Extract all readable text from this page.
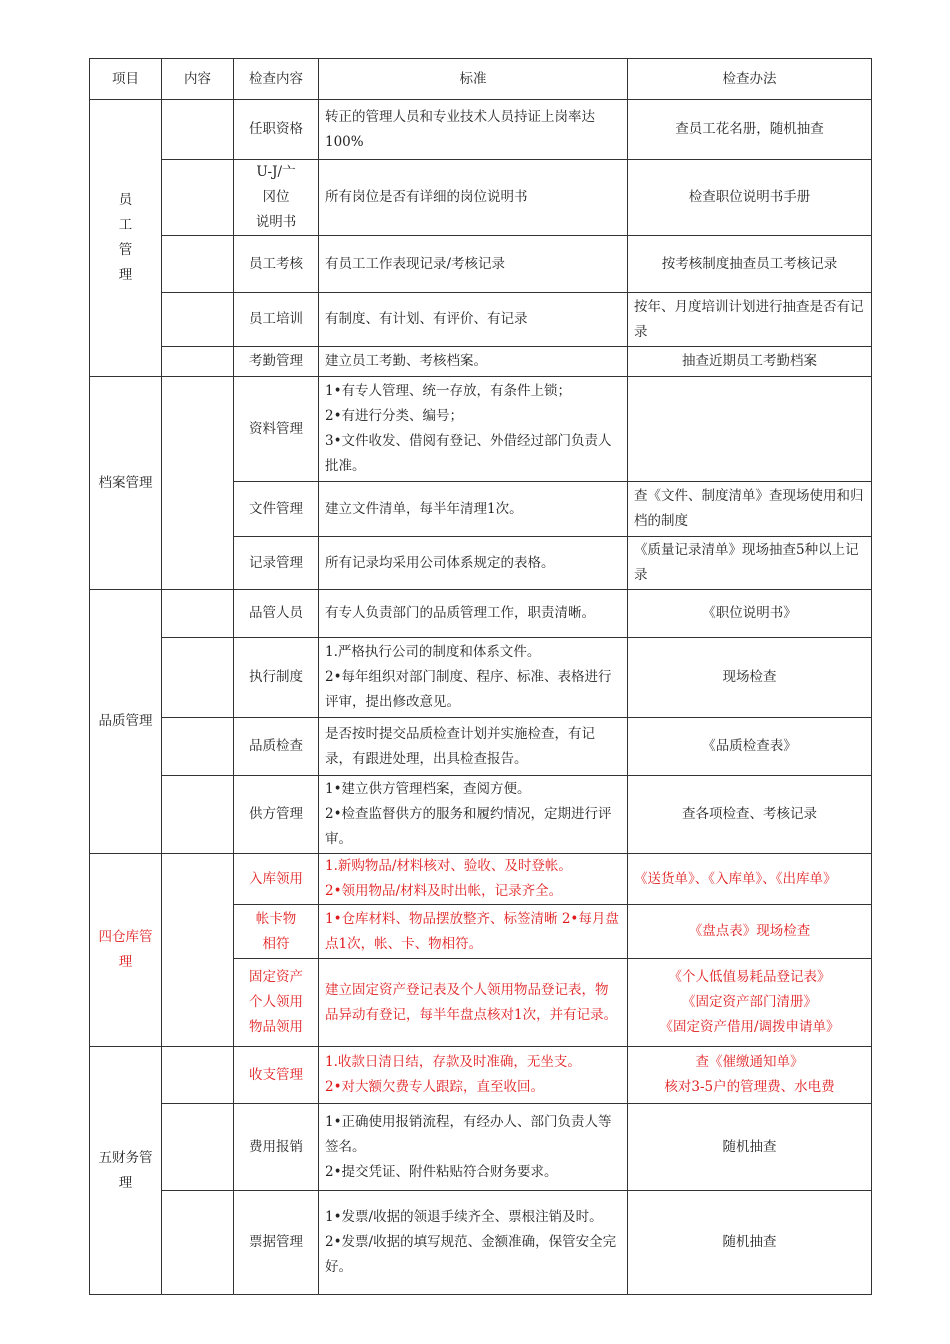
项目	内容	检查内容	标准	检查办法

员
工
管
理		任职资格	转正的管理人员和专业技术人员持证上岗率达100%	查员工花名册，随机抽查

		U-J/亠
冈位
说明书	所有岗位是否有详细的岗位说明书	检查职位说明书手册

		员工考核	有员工工作表现记录/考核记录	按考核制度抽查员工考核记录

		员工培训	有制度、有计划、有评价、有记录	按年、月度培训计划进行抽查是否有记录

		考勤管理	建立员工考勤、考核档案。	抽查近期员工考勤档案

档案管理		资料管理	1•有专人管理、统一存放，有条件上锁；
2•有进行分类、编号；
3•文件收发、借阅有登记、外借经过部门负责人批准。	

		文件管理	建立文件清单，每半年清理1次。	查《文件、制度清单》查现场使用和归档的制度

		记录管理	所有记录均采用公司体系规定的表格。	《质量记录清单》现场抽查5种以上记录

品质管理		品管人员	有专人负责部门的品质管理工作，职责清晰。	《职位说明书》

		执行制度	1.严格执行公司的制度和体系文件。
2•每年组织对部门制度、程序、标准、表格进行评审，提出修改意见。	现场检查

		品质检查	是否按时提交品质检查计划并实施检查，有记录，有跟进处理，出具检查报告。	《品质检查表》

		供方管理	1•建立供方管理档案，查阅方便。
2•检查监督供方的服务和履约情况，定期进行评审。	查各项检查、考核记录

四仓库管
理		入库领用	1.新购物品/材料核对、验收、及时登帐。
2•领用物品/材料及时出帐，记录齐全。	《送货单》、《入库单》、《出库单》

		帐卡物
相符	1•仓库材料、物品摆放整齐、标签清晰 2•每月盘点1次，帐、卡、物相符。	《盘点表》现场检查

		固定资产
个人领用
物品领用	建立固定资产登记表及个人领用物品登记表，物品异动有登记，每半年盘点核对1次，并有记录。	《个人低值易耗品登记表》
《固定资产部门清册》
《固定资产借用/调拨申请单》

五财务管
理		收支管理	1.收款日清日结，存款及时准确，无坐支。
2•对大额欠费专人跟踪，直至收回。	查《催缴通知单》
核对3-5户的管理费、水电费

		费用报销	1•正确使用报销流程，有经办人、部门负责人等签名。
2•提交凭证、附件粘贴符合财务要求。	随机抽查

		票据管理	1•发票/收据的领退手续齐全、票根注销及时。
2•发票/收据的填写规范、金额准确，保管安全完好。	随机抽查
